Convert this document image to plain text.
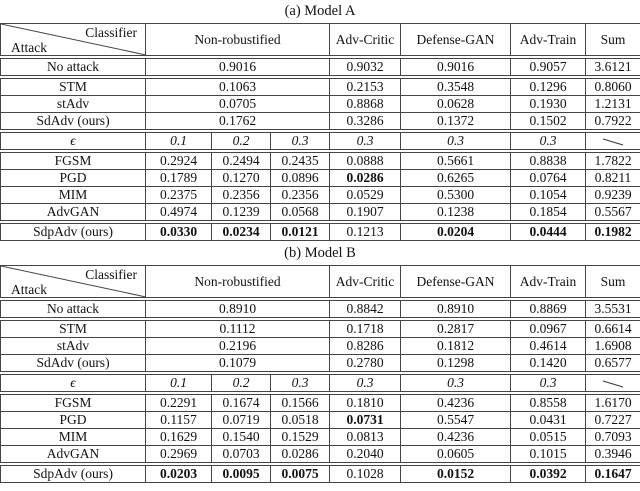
(a) Model A
Classifier
Attack	Non-robustified			Adv-Critic	Defense-GAN	Adv-Train	Sum

No attack	0.9016			0.9032	0.9016	0.9057	3.6121

STM	0.1063			0.2153	0.3548	0.1296	0.8060
stAdv	0.0705			0.8868	0.0628	0.1930	1.2131
SdAdv (ours)	0.1762			0.3286	0.1372	0.1502	0.7922

ϵ	0.1	0.2	0.3	0.3	0.3	0.3	

FGSM	0.2924	0.2494	0.2435	0.0888	0.5661	0.8838	1.7822
PGD	0.1789	0.1270	0.0896	0.0286	0.6265	0.0764	0.8211
MIM	0.2375	0.2356	0.2356	0.0529	0.5300	0.1054	0.9239
AdvGAN	0.4974	0.1239	0.0568	0.1907	0.1238	0.1854	0.5567

SdpAdv (ours)	0.0330	0.0234	0.0121	0.1213	0.0204	0.0444	0.1982
(b) Model B
Classifier
Attack	Non-robustified			Adv-Critic	Defense-GAN	Adv-Train	Sum

No attack	0.8910			0.8842	0.8910	0.8869	3.5531

STM	0.1112			0.1718	0.2817	0.0967	0.6614
stAdv	0.2196			0.8286	0.1812	0.4614	1.6908
SdAdv (ours)	0.1079			0.2780	0.1298	0.1420	0.6577

ϵ	0.1	0.2	0.3	0.3	0.3	0.3	

FGSM	0.2291	0.1674	0.1566	0.1810	0.4236	0.8558	1.6170
PGD	0.1157	0.0719	0.0518	0.0731	0.5547	0.0431	0.7227
MIM	0.1629	0.1540	0.1529	0.0813	0.4236	0.0515	0.7093
AdvGAN	0.2969	0.0703	0.0286	0.2040	0.0605	0.1015	0.3946

SdpAdv (ours)	0.0203	0.0095	0.0075	0.1028	0.0152	0.0392	0.1647
